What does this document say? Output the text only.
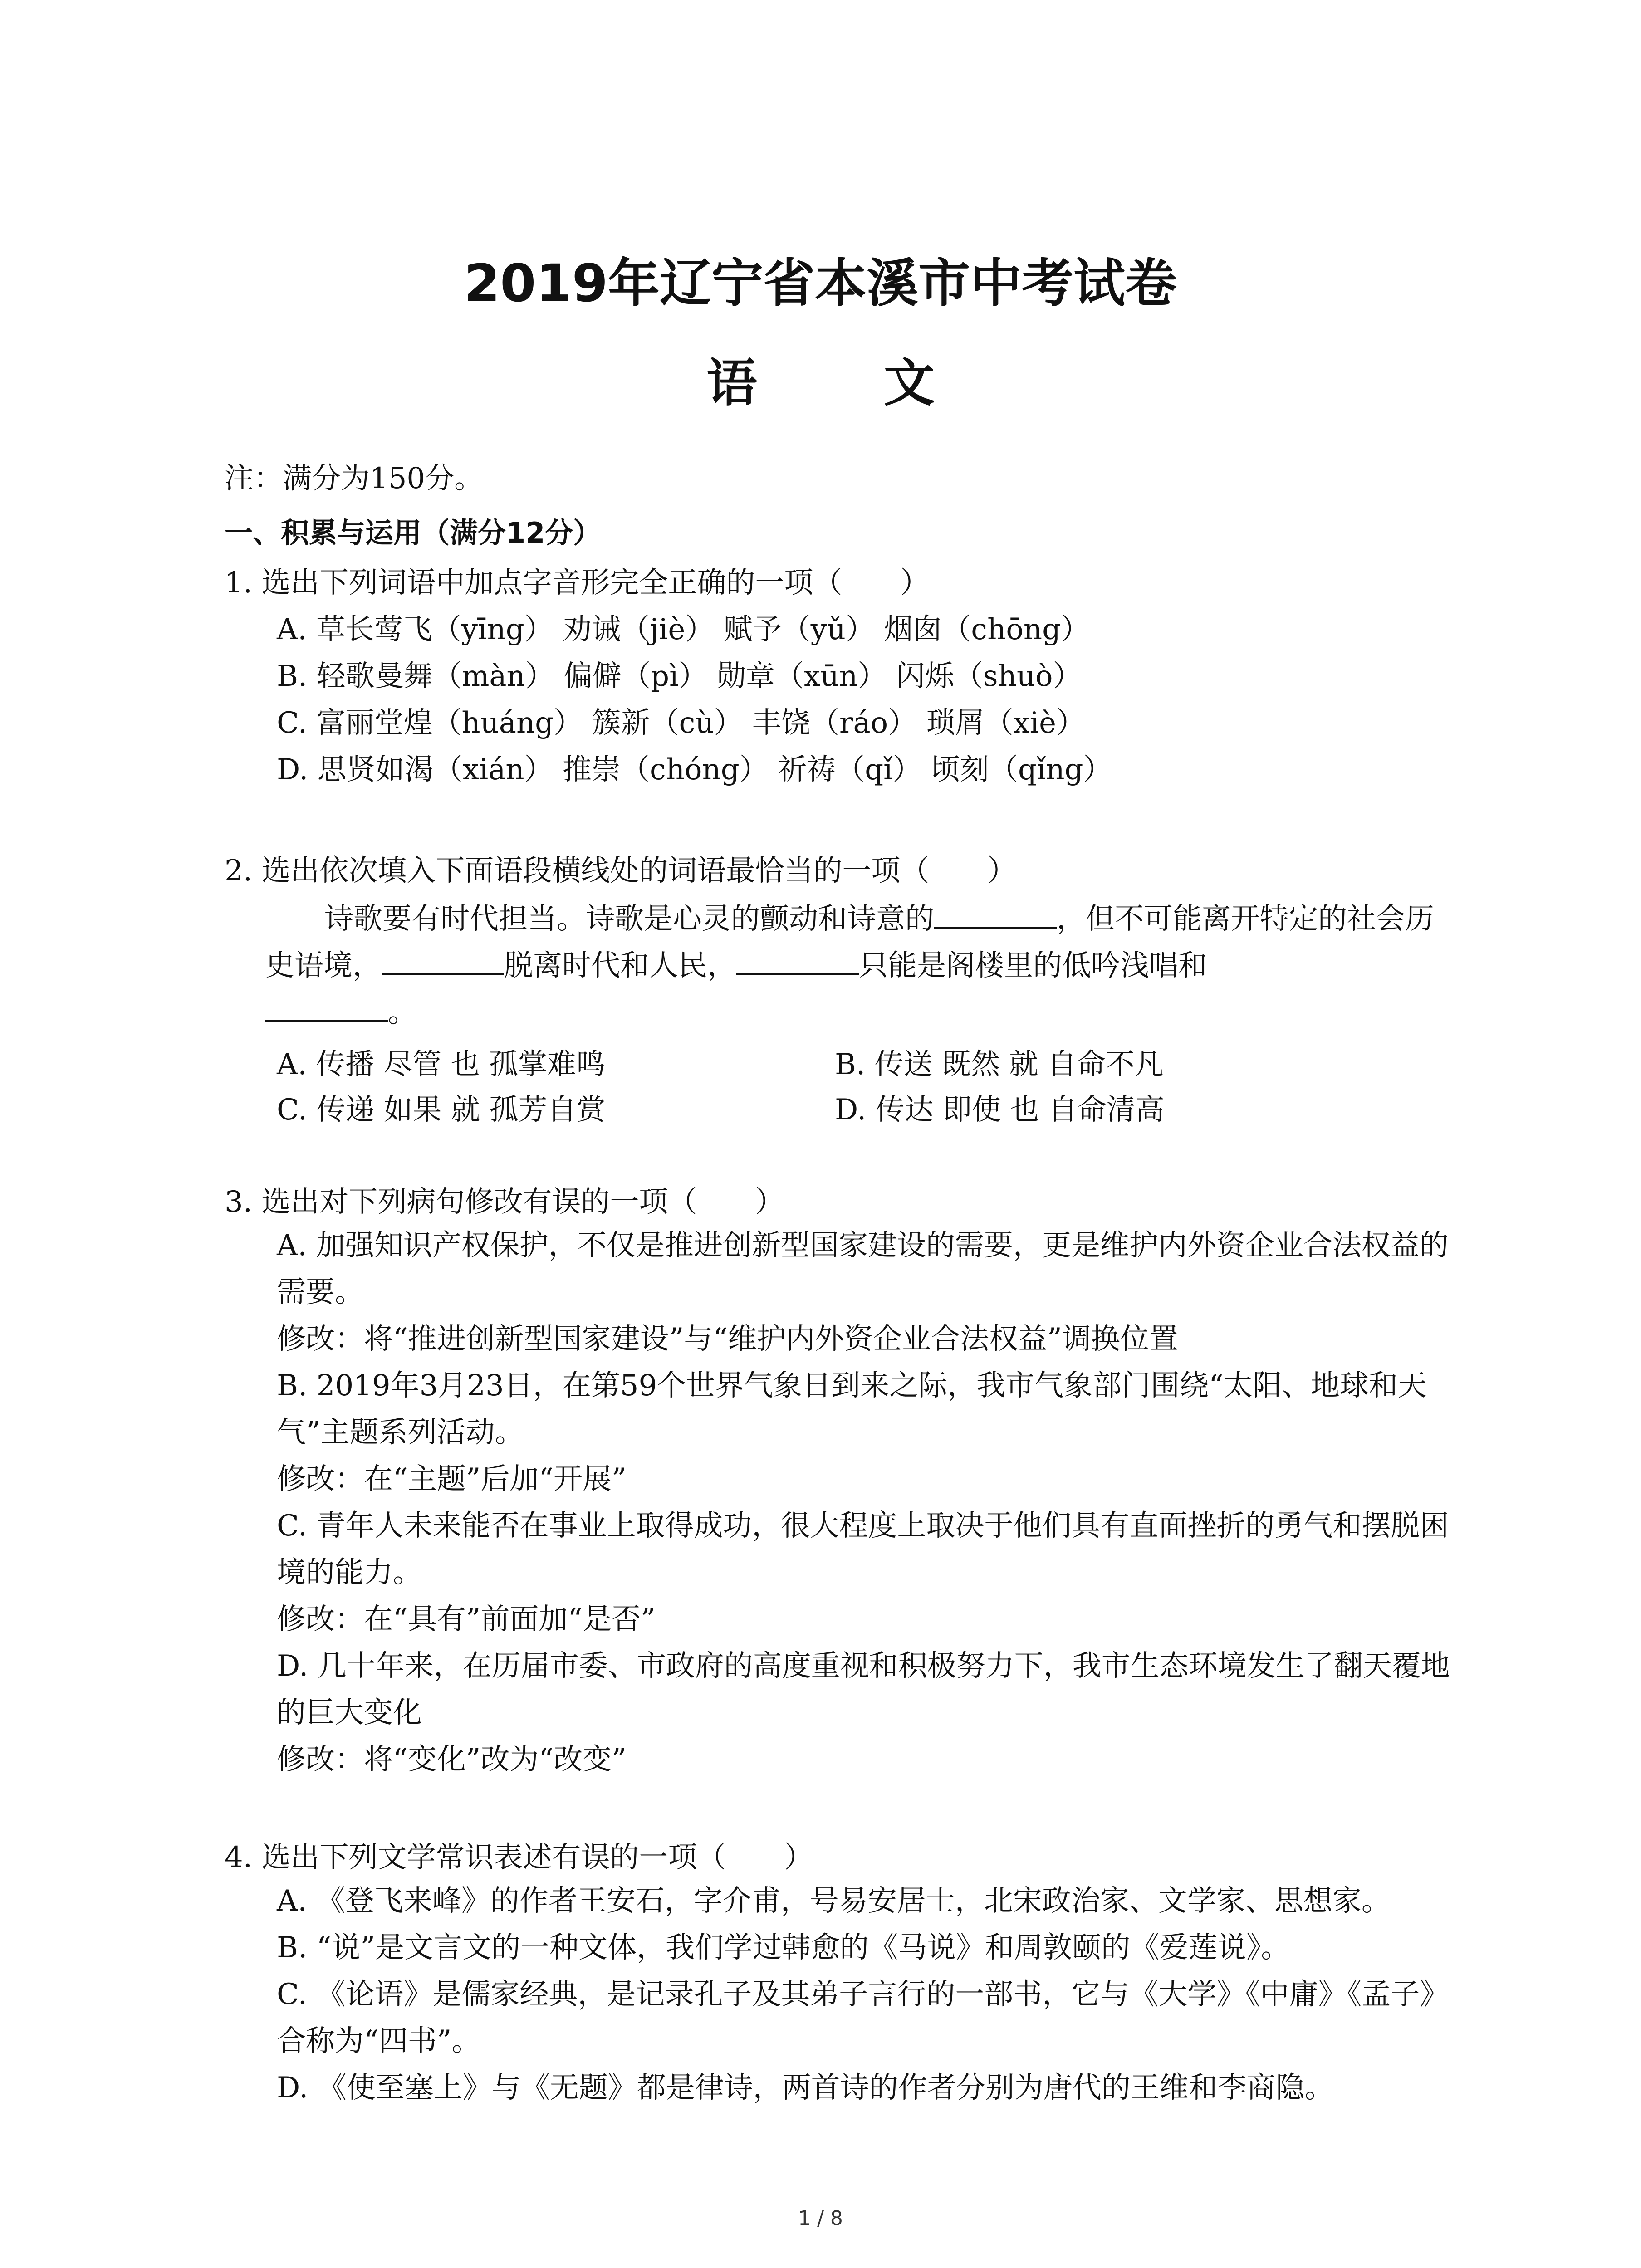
2019年辽宁省本溪市中考试卷
语 文

注：满分为150分。

一、积累与运用（满分12分）

1. 选出下列词语中加点字音形完全正确的一项（　　）
A. 草长莺飞（yīng） 劝诫（jiè） 赋予（yǔ） 烟囱（chōng）
B. 轻歌曼舞（màn） 偏僻（pì） 勋章（xūn） 闪烁（shuò）
C. 富丽堂煌（huáng） 簇新（cù） 丰饶（ráo） 琐屑（xiè）
D. 思贤如渴（xián） 推崇（chóng） 祈祷（qǐ） 顷刻（qǐng）
2. 选出依次填入下面语段横线处的词语最恰当的一项（　　）
诗歌要有时代担当。诗歌是心灵的颤动和诗意的	，但不可能离开特定的社会历史语境，	脱离时代和人民，	只能是阁楼里的低吟浅唱和
。
A. 传播 尽管 也 孤掌难鸣	B. 传送 既然 就 自命不凡
C. 传递 如果 就 孤芳自赏	D. 传达 即使 也 自命清高
3. 选出对下列病句修改有误的一项（　　）
A. 加强知识产权保护，不仅是推进创新型国家建设的需要，更是维护内外资企业合法权益的需要。
修改：将“推进创新型国家建设”与“维护内外资企业合法权益”调换位置
B. 2019年3月23日，在第59个世界气象日到来之际，我市气象部门围绕“太阳、地球和天气”主题系列活动。
修改：在“主题”后加“开展”
C. 青年人未来能否在事业上取得成功，很大程度上取决于他们具有直面挫折的勇气和摆脱困境的能力。
修改：在“具有”前面加“是否”
D. 几十年来，在历届市委、市政府的高度重视和积极努力下，我市生态环境发生了翻天覆地的巨大变化
修改：将“变化”改为“改变”
4. 选出下列文学常识表述有误的一项（　　）
A. 《登飞来峰》的作者王安石，字介甫，号易安居士，北宋政治家、文学家、思想家。
B. “说”是文言文的一种文体，我们学过韩愈的《马说》和周敦颐的《爱莲说》。
C. 《论语》是儒家经典，是记录孔子及其弟子言行的一部书，它与《大学》《中庸》《孟子》合称为“四书”。
D. 《使至塞上》与《无题》都是律诗，两首诗的作者分别为唐代的王维和李商隐。
1 / 8
